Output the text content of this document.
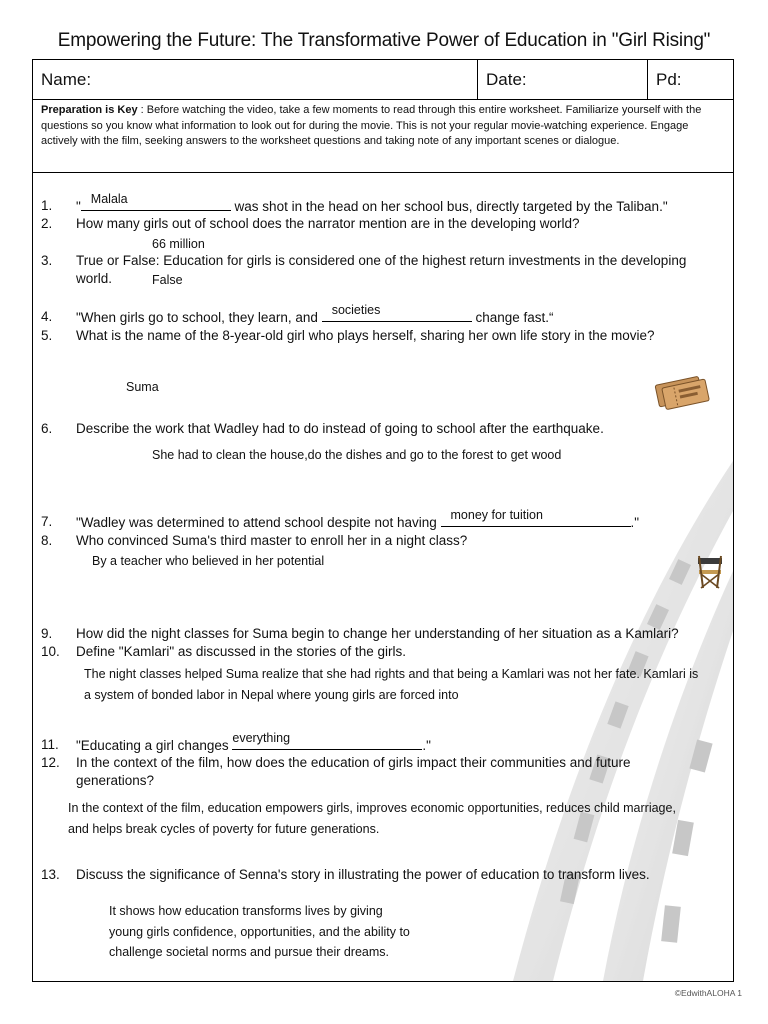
Empowering the Future: The Transformative Power of Education in "Girl Rising"
Name:	Date:	Pd:
Preparation is Key : Before watching the video, take a few moments to read through this entire worksheet. Familiarize yourself with the questions so you know what information to look out for during the movie. This is not your regular movie-watching experience. Engage actively with the film, seeking answers to the worksheet questions and taking note of any important scenes or dialogue.
1. " Malala	was shot in the head on her school bus, directly targeted by the Taliban."
2. How many girls out of school does the narrator mention are in the developing world?
66 million
3. True or False: Education for girls is considered one of the highest return investments in the developing
world.	False
4. "When girls go to school, they learn, and societies	change fast.“
5. What is the name of the 8-year-old girl who plays herself, sharing her own life story in the movie?
Suma
6. Describe the work that Wadley had to do instead of going to school after the earthquake.
She had to clean the house,do the dishes and go to the forest to get wood
7. "Wadley was determined to attend school despite not having money for tuition	."
8. Who convinced Suma's third master to enroll her in a night class?
By a teacher who believed in her potential
9. How did the night classes for Suma begin to change her understanding of her situation as a Kamlari?
10. Define "Kamlari" as discussed in the stories of the girls.
The night classes helped Suma realize that she had rights and that being a Kamlari was not her fate. Kamlari is
a system of bonded labor in Nepal where young girls are forced into
11. "Educating a girl changes everything	."
12. In the context of the film, how does the education of girls impact their communities and future
generations?
In the context of the film, education empowers girls, improves economic opportunities, reduces child marriage,
and helps break cycles of poverty for future generations.
13. Discuss the significance of Senna's story in illustrating the power of education to transform lives.
It shows how education transforms lives by giving
young girls confidence, opportunities, and the ability to
challenge societal norms and pursue their dreams.
©EdwithALOHA 1
